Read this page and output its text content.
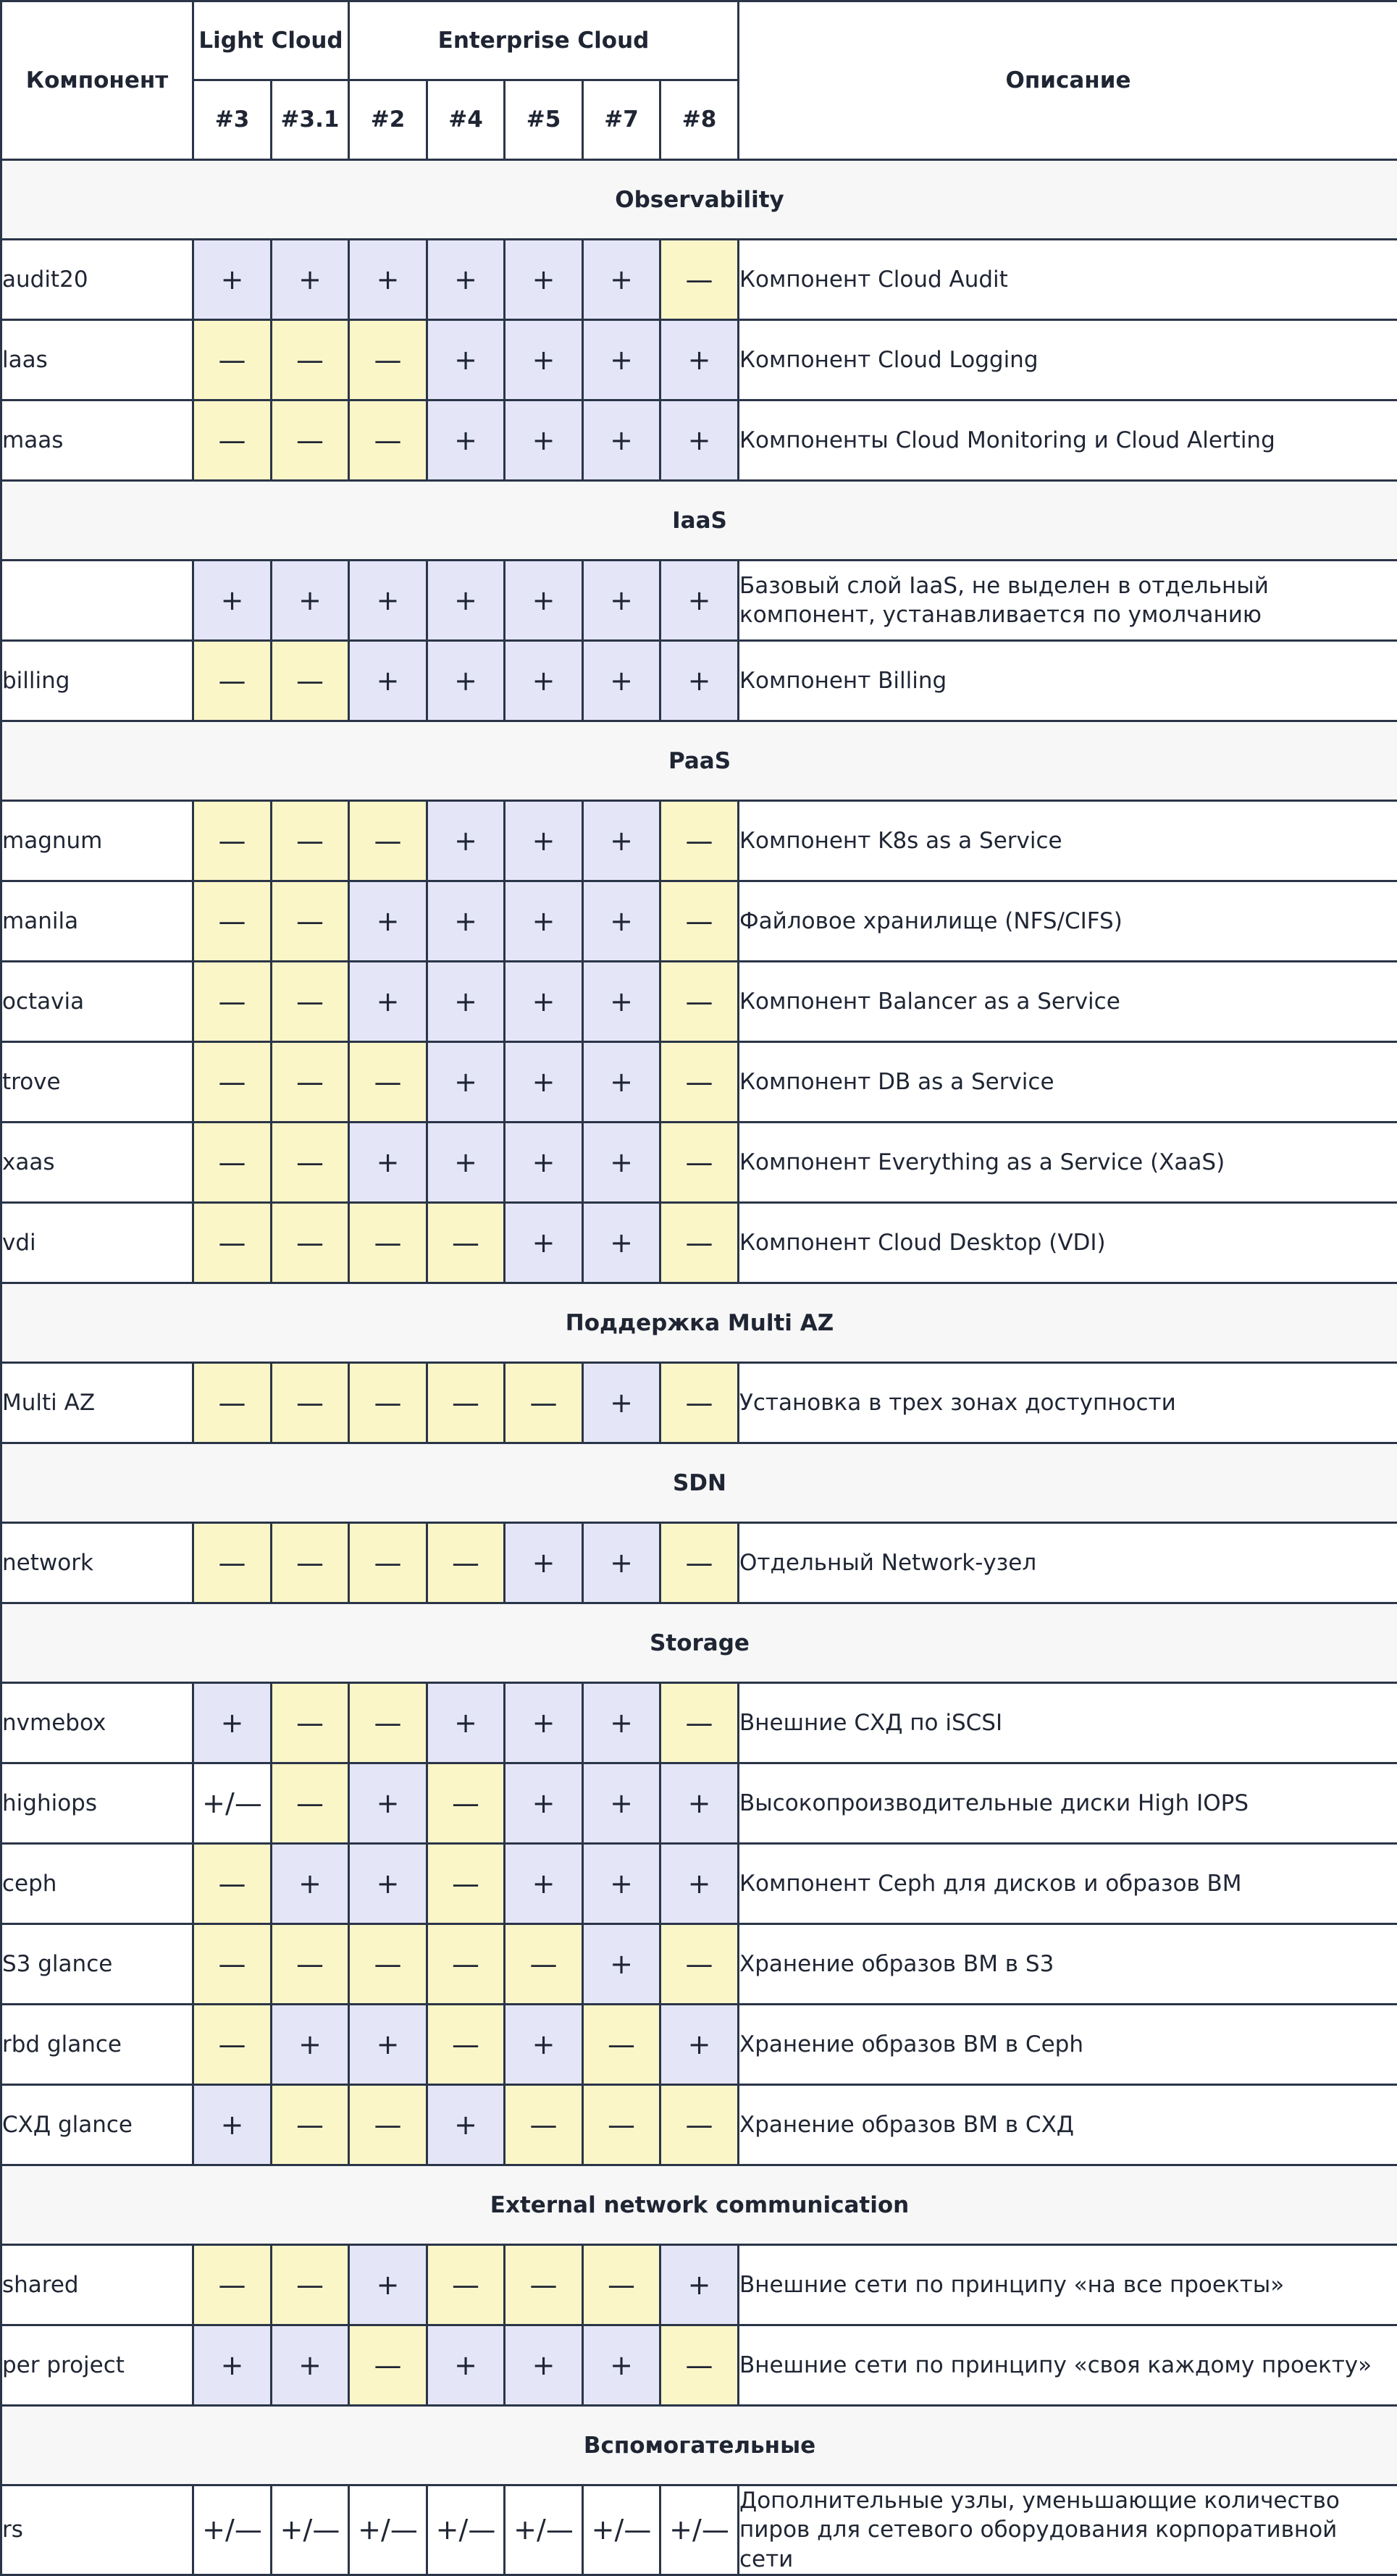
Компонент	Light Cloud		Enterprise Cloud					Описание
	#3	#3.1	#2	#4	#5	#7	#8	
Observability								
audit20	+	+	+	+	+	+	—	Компонент Cloud Audit
laas	—	—	—	+	+	+	+	Компонент Cloud Logging
maas	—	—	—	+	+	+	+	Компоненты Cloud Monitoring и Cloud Alerting
IaaS								
	+	+	+	+	+	+	+	Базовый слой IaaS, не выделен в отдельный компонент, устанавливается по умолчанию
billing	—	—	+	+	+	+	+	Компонент Billing
PaaS								
magnum	—	—	—	+	+	+	—	Компонент K8s as a Service
manila	—	—	+	+	+	+	—	Файловое хранилище (NFS/CIFS)
octavia	—	—	+	+	+	+	—	Компонент Balancer as a Service
trove	—	—	—	+	+	+	—	Компонент DB as a Service
xaas	—	—	+	+	+	+	—	Компонент Everything as a Service (XaaS)
vdi	—	—	—	—	+	+	—	Компонент Cloud Desktop (VDI)
Поддержка Multi AZ								
Multi AZ	—	—	—	—	—	+	—	Установка в трех зонах доступности
SDN								
network	—	—	—	—	+	+	—	Отдельный Network-узел
Storage								
nvmebox	+	—	—	+	+	+	—	Внешние СХД по iSCSI
highiops	+/—	—	+	—	+	+	+	Высокопроизводительные диски High IOPS
ceph	—	+	+	—	+	+	+	Компонент Ceph для дисков и образов ВМ
S3 glance	—	—	—	—	—	+	—	Хранение образов ВМ в S3
rbd glance	—	+	+	—	+	—	+	Хранение образов ВМ в Ceph
СХД glance	+	—	—	+	—	—	—	Хранение образов ВМ в СХД
External network communication								
shared	—	—	+	—	—	—	+	Внешние сети по принципу «на все проекты»
per project	+	+	—	+	+	+	—	Внешние сети по принципу «своя каждому проекту»
Вспомогательные								
rs	+/—	+/—	+/—	+/—	+/—	+/—	+/—	Дополнительные узлы, уменьшающие количество пиров для сетевого оборудования корпоративной сети
